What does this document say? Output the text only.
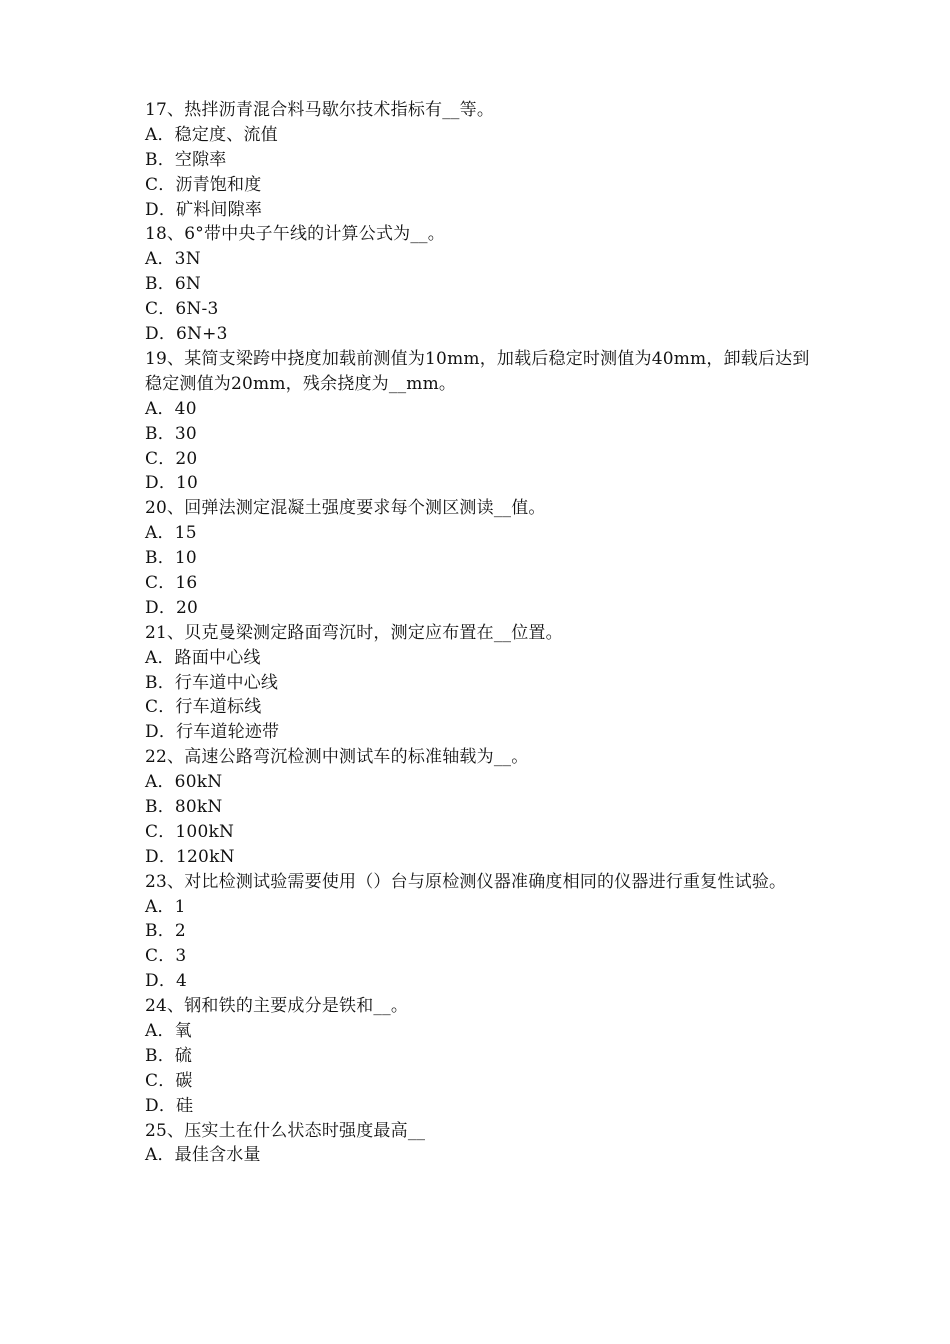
17、热拌沥青混合料马歇尔技术指标有__等。
A．稳定度、流值
B．空隙率
C．沥青饱和度
D．矿料间隙率
18、6°带中央子午线的计算公式为__。
A．3N
B．6N
C．6N-3
D．6N+3
19、某简支梁跨中挠度加载前测值为10mm，加载后稳定时测值为40mm，卸载后达到稳定测值为20mm，残余挠度为__mm。
A．40
B．30
C．20
D．10
20、回弹法测定混凝土强度要求每个测区测读__值。
A．15
B．10
C．16
D．20
21、贝克曼梁测定路面弯沉时，测定应布置在__位置。
A．路面中心线
B．行车道中心线
C．行车道标线
D．行车道轮迹带
22、高速公路弯沉检测中测试车的标准轴载为__。
A．60kN
B．80kN
C．100kN
D．120kN
23、对比检测试验需要使用（）台与原检测仪器准确度相同的仪器进行重复性试验。
A．1
B．2
C．3
D．4
24、钢和铁的主要成分是铁和__。
A．氧
B．硫
C．碳
D．硅
25、压实土在什么状态时强度最高__
A．最佳含水量
